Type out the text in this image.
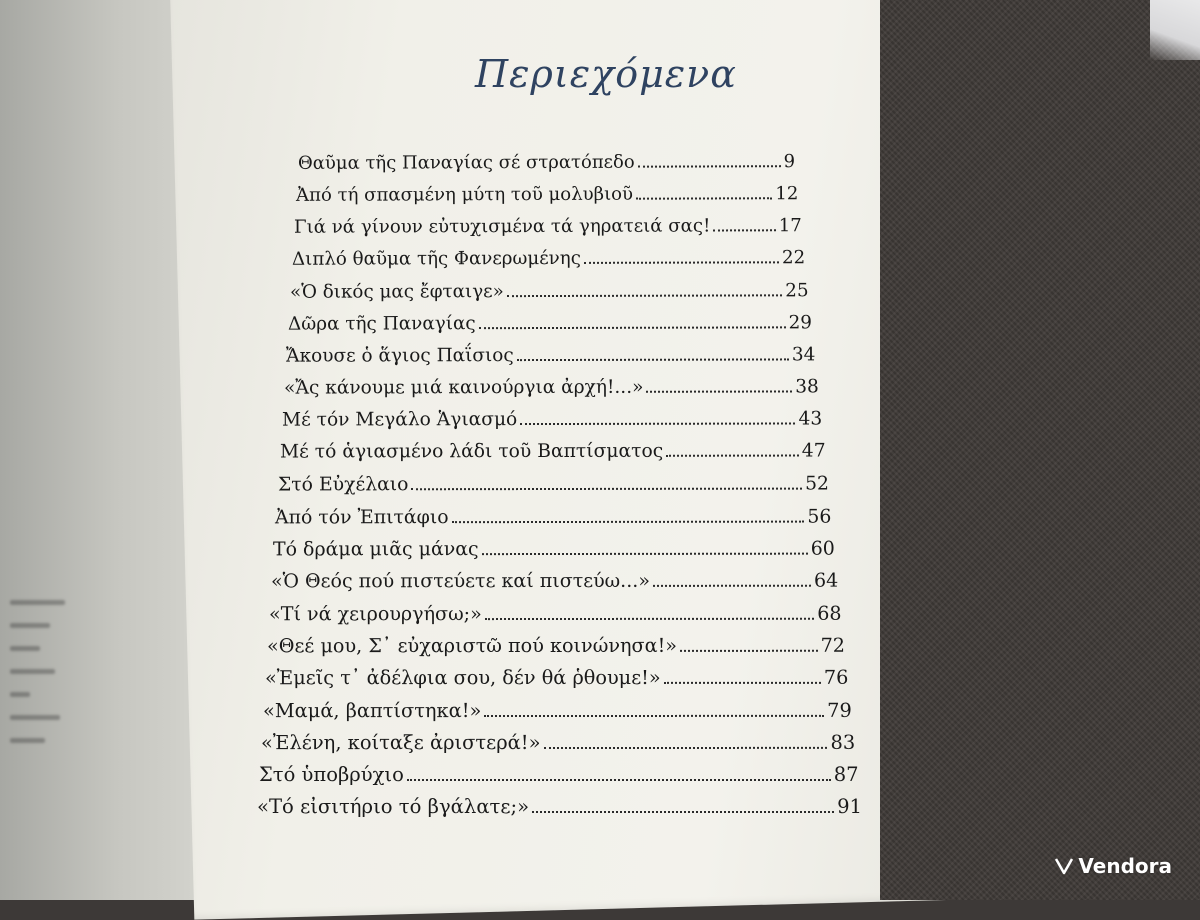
Περιεχόμενα
Θαῦμα τῆς Παναγίας σέ στρατόπεδο	9
Ἀπό τή σπασμένη μύτη τοῦ μολυβιοῦ	12
Γιά νά γίνουν εὐτυχισμένα τά γηρατειά σας!	17
Διπλό θαῦμα τῆς Φανερωμένης	22
«Ὁ δικός μας ἔφταιγε»	25
Δῶρα τῆς Παναγίας	29
Ἄκουσε ὁ ἅγιος Παΐσιος	34
«Ἄς κάνουμε μιά καινούργια ἀρχή!...»	38
Μέ τόν Μεγάλο Ἁγιασμό	43
Μέ τό ἁγιασμένο λάδι τοῦ Βαπτίσματος	47
Στό Εὐχέλαιο	52
Ἀπό τόν Ἐπιτάφιο	56
Τό δράμα μιᾶς μάνας	60
«Ὁ Θεός πού πιστεύετε καί πιστεύω...»	64
«Τί νά χειρουργήσω;»	68
«Θεέ μου, Σ᾽ εὐχαριστῶ πού κοινώνησα!»	72
«Ἐμεῖς τ᾽ ἀδέλφια σου, δέν θά ῥθουμε!»	76
«Μαμά, βαπτίστηκα!»	79
«Ἐλένη, κοίταξε ἀριστερά!»	83
Στό ὑποβρύχιο	87
«Τό εἰσιτήριο τό βγάλατε;»	91
Vendora
